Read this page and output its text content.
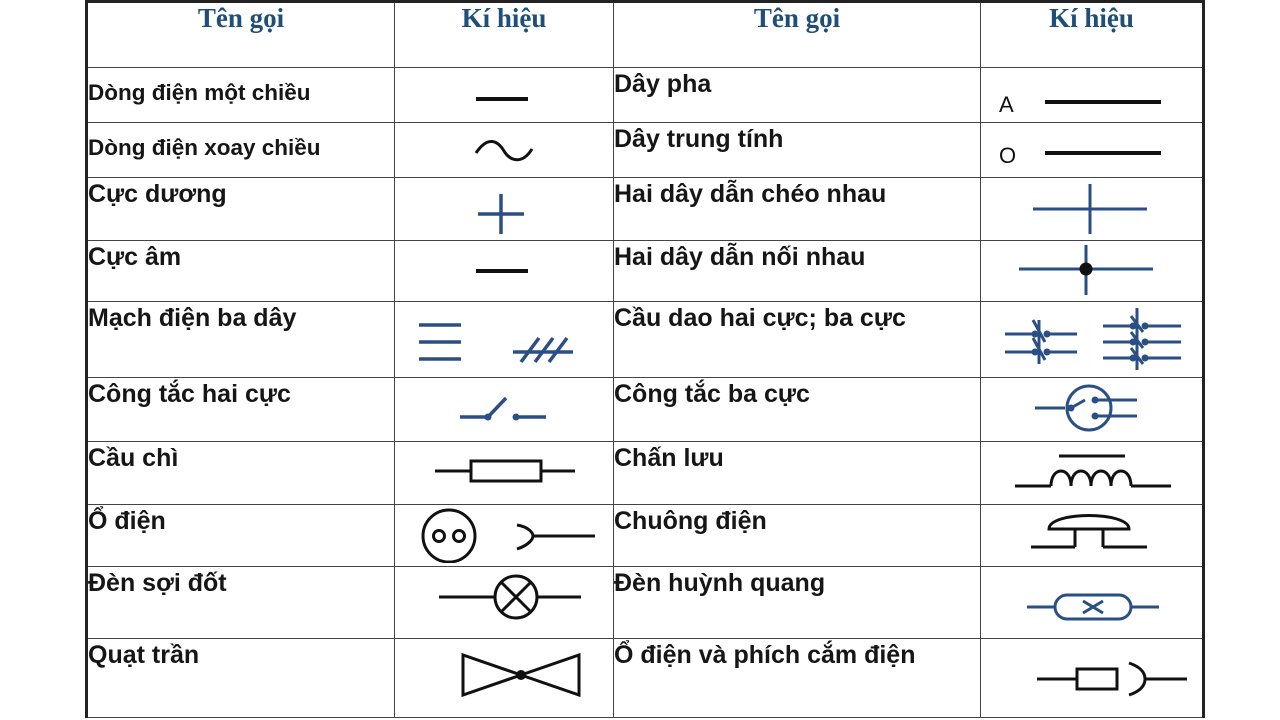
Tên gọi	Kí hiệu	Tên gọi	Kí hiệu
Dòng điện một chiều		Dây pha	A

Dòng điện xoay chiều		Dây trung tính	O

Cực dương		Hai dây dẫn chéo nhau	

Cực âm		Hai dây dẫn nối nhau	

Mạch điện ba dây		Cầu dao hai cực; ba cực	

Công tắc hai cực		Công tắc ba cực	

Cầu chì		Chấn lưu	

Ổ điện		Chuông điện	

Đèn sợi đốt		Đèn huỳnh quang	

Quạt trần		Ổ điện và phích cắm điện	
